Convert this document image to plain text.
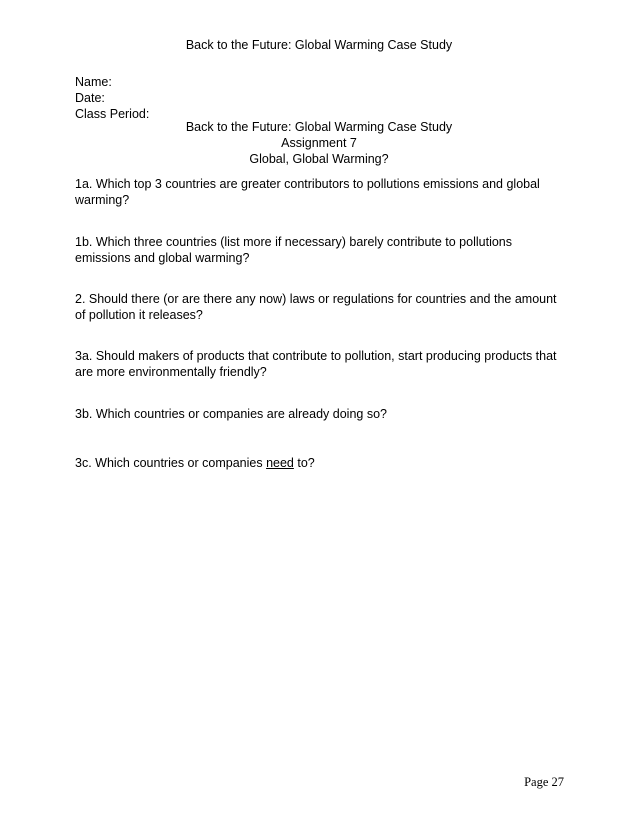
Back to the Future: Global Warming Case Study
Name:
Date:
Class Period:
Back to the Future: Global Warming Case Study
Assignment 7
Global, Global Warming?
1a. Which top 3 countries are greater contributors to pollutions emissions and global warming?
1b. Which three countries (list more if necessary) barely contribute to pollutions emissions and global warming?
2. Should there (or are there any now) laws or regulations for countries and the amount of pollution it releases?
3a. Should makers of products that contribute to pollution, start producing products that are more environmentally friendly?
3b. Which countries or companies are already doing so?
3c. Which countries or companies need to?
Page 27
